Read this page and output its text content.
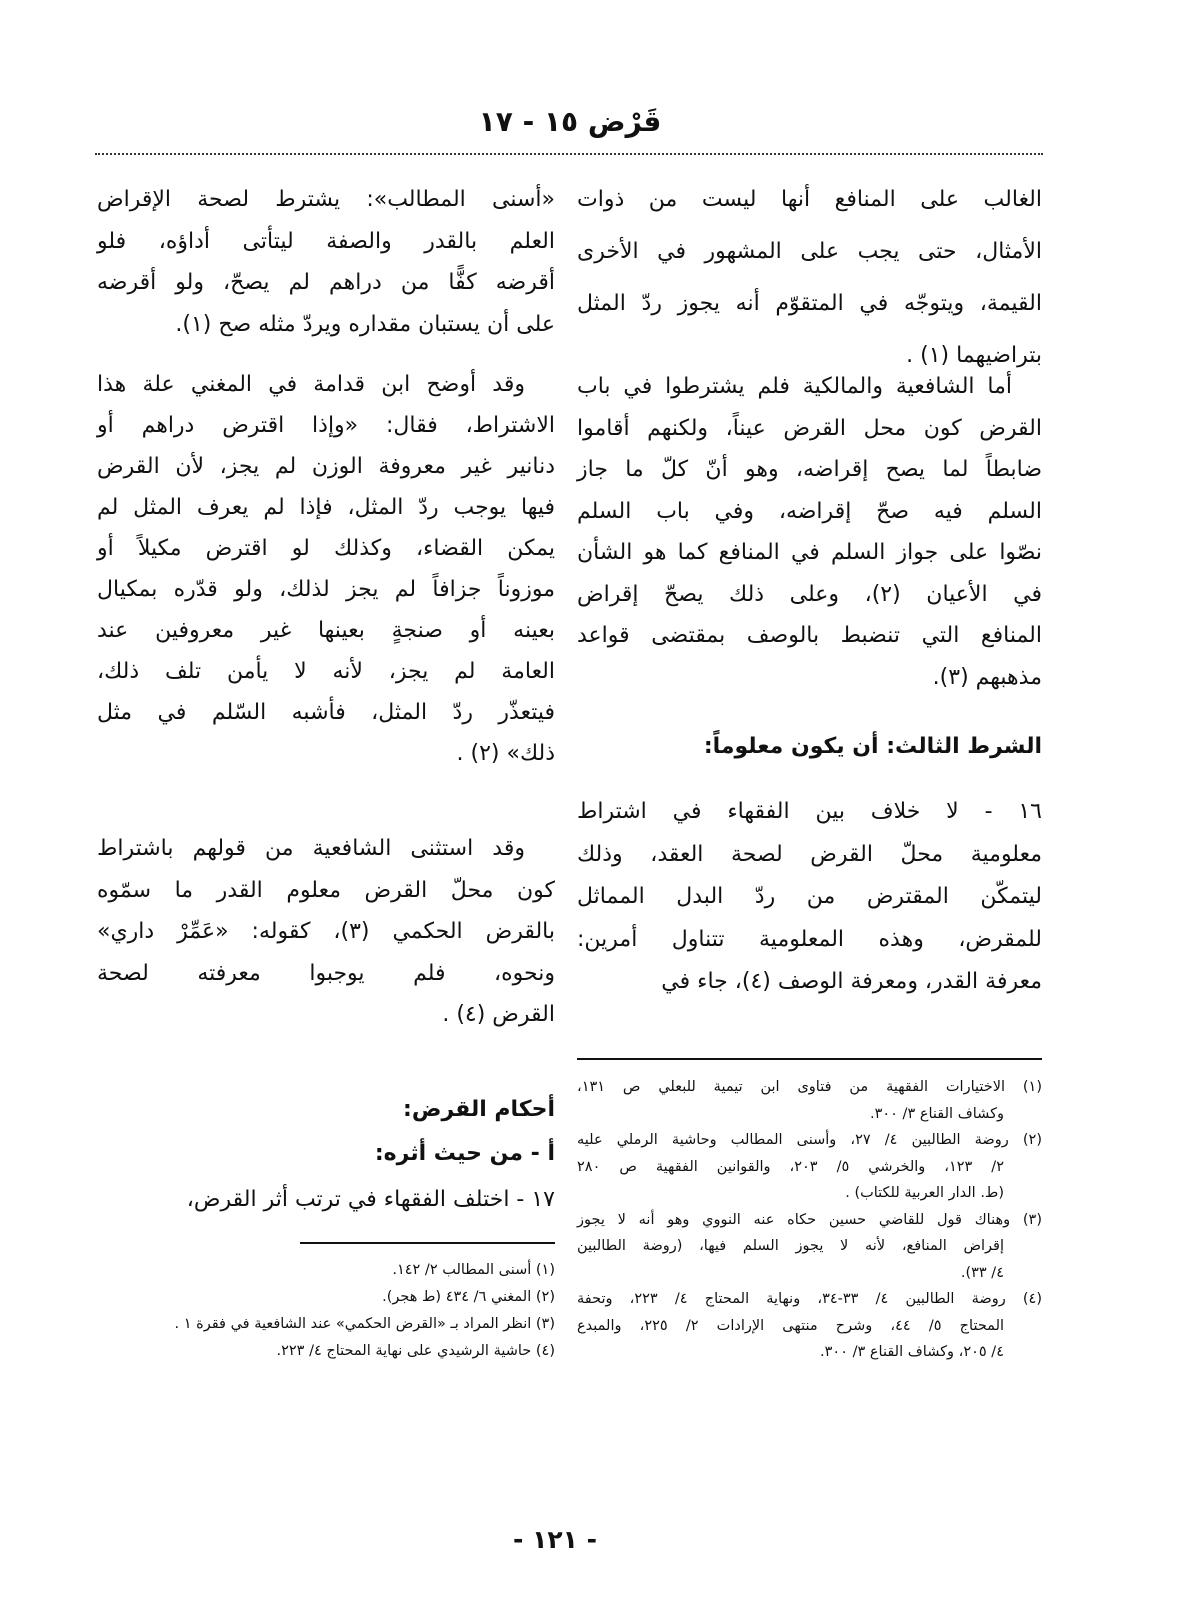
قَرْض ١٥ - ١٧
الغالب على المنافع أنها ليست من ذوات
الأمثال، حتى يجب على المشهور في الأخرى
القيمة، ويتوجّه في المتقوّم أنه يجوز ردّ المثل
بتراضيهما (١) .
أما الشافعية والمالكية فلم يشترطوا في باب
القرض كون محل القرض عيناً، ولكنهم أقاموا
ضابطاً لما يصح إقراضه، وهو أنّ كلّ ما جاز
السلم فيه صحّ إقراضه، وفي باب السلم
نصّوا على جواز السلم في المنافع كما هو الشأن
في الأعيان (٢)، وعلى ذلك يصحّ إقراض
المنافع التي تنضبط بالوصف بمقتضى قواعد
مذهبهم (٣).
الشرط الثالث: أن يكون معلوماً:
١٦ - لا خلاف بين الفقهاء في اشتراط
معلومية محلّ القرض لصحة العقد، وذلك
ليتمكّن المقترض من ردّ البدل المماثل
للمقرض، وهذه المعلومية تتناول أمرين:
معرفة القدر، ومعرفة الوصف (٤)، جاء في
(١) الاختيارات الفقهية من فتاوى ابن تيمية للبعلي ص ١٣١،
وكشاف القناع ٣/ ٣٠٠.
(٢) روضة الطالبين ٤/ ٢٧، وأسنى المطالب وحاشية الرملي عليه
٢/ ١٢٣، والخرشي ٥/ ٢٠٣، والقوانين الفقهية ص ٢٨٠
(ط. الدار العربية للكتاب) .
(٣) وهناك قول للقاضي حسين حكاه عنه النووي وهو أنه لا يجوز
إقراض المنافع، لأنه لا يجوز السلم فيها، (روضة الطالبين
٤/ ٣٣).
(٤) روضة الطالبين ٤/ ٣٣-٣٤، ونهاية المحتاج ٤/ ٢٢٣، وتحفة
المحتاج ٥/ ٤٤، وشرح منتهى الإرادات ٢/ ٢٢٥، والمبدع
٤/ ٢٠٥، وكشاف القناع ٣/ ٣٠٠.
«أسنى المطالب»: يشترط لصحة الإقراض
العلم بالقدر والصفة ليتأتى أداؤه، فلو
أقرضه كفًّا من دراهم لم يصحّ، ولو أقرضه
على أن يستبان مقداره ويردّ مثله صح (١).
وقد أوضح ابن قدامة في المغني علة هذا
الاشتراط، فقال: «وإذا اقترض دراهم أو
دنانير غير معروفة الوزن لم يجز، لأن القرض
فيها يوجب ردّ المثل، فإذا لم يعرف المثل لم
يمكن القضاء، وكذلك لو اقترض مكيلاً أو
موزوناً جزافاً لم يجز لذلك، ولو قدّره بمكيال
بعينه أو صنجةٍ بعينها غير معروفين عند
العامة لم يجز، لأنه لا يأمن تلف ذلك،
فيتعذّر ردّ المثل، فأشبه السّلم في مثل
ذلك» (٢) .
وقد استثنى الشافعية من قولهم باشتراط
كون محلّ القرض معلوم القدر ما سمّوه
بالقرض الحكمي (٣)، كقوله: «عَمِّرْ داري»
ونحوه، فلم يوجبوا معرفته لصحة
القرض (٤) .
أحكام القرض:
أ - من حيث أثره:
١٧ - اختلف الفقهاء في ترتب أثر القرض،
(١) أسنى المطالب ٢/ ١٤٢.
(٢) المغني ٦/ ٤٣٤ (ط هجر).
(٣) انظر المراد بـ «القرض الحكمي» عند الشافعية في فقرة ١ .
(٤) حاشية الرشيدي على نهاية المحتاج ٤/ ٢٢٣.
- ١٢١ -
